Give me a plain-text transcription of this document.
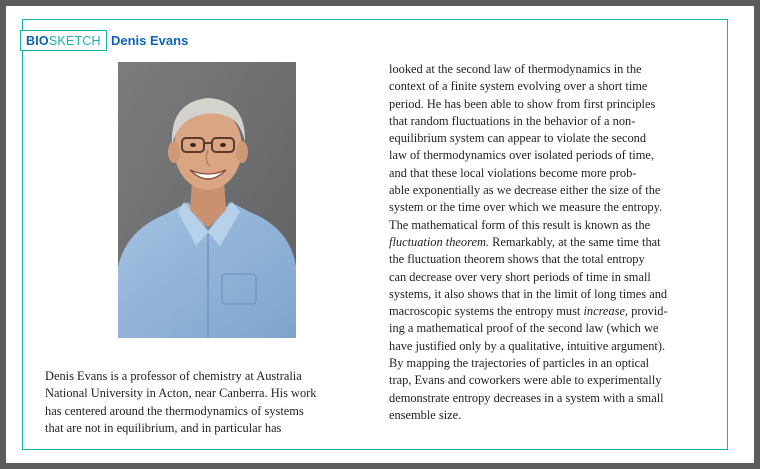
BIO SKETCH Denis Evans
Denis Evans is a professor of chemistry at Australia
National University in Acton, near Canberra. His work
has centered around the thermodynamics of systems
that are not in equilibrium, and in particular has
looked at the second law of thermodynamics in the
context of a finite system evolving over a short time
period. He has been able to show from first principles
that random fluctuations in the behavior of a non-
equilibrium system can appear to violate the second
law of thermodynamics over isolated periods of time,
and that these local violations become more prob-
able exponentially as we decrease either the size of the
system or the time over which we measure the entropy.
The mathematical form of this result is known as the
fluctuation theorem. Remarkably, at the same time that
the fluctuation theorem shows that the total entropy
can decrease over very short periods of time in small
systems, it also shows that in the limit of long times and
macroscopic systems the entropy must increase, provid-
ing a mathematical proof of the second law (which we
have justified only by a qualitative, intuitive argument).
By mapping the trajectories of particles in an optical
trap, Evans and coworkers were able to experimentally
demonstrate entropy decreases in a system with a small
ensemble size.
